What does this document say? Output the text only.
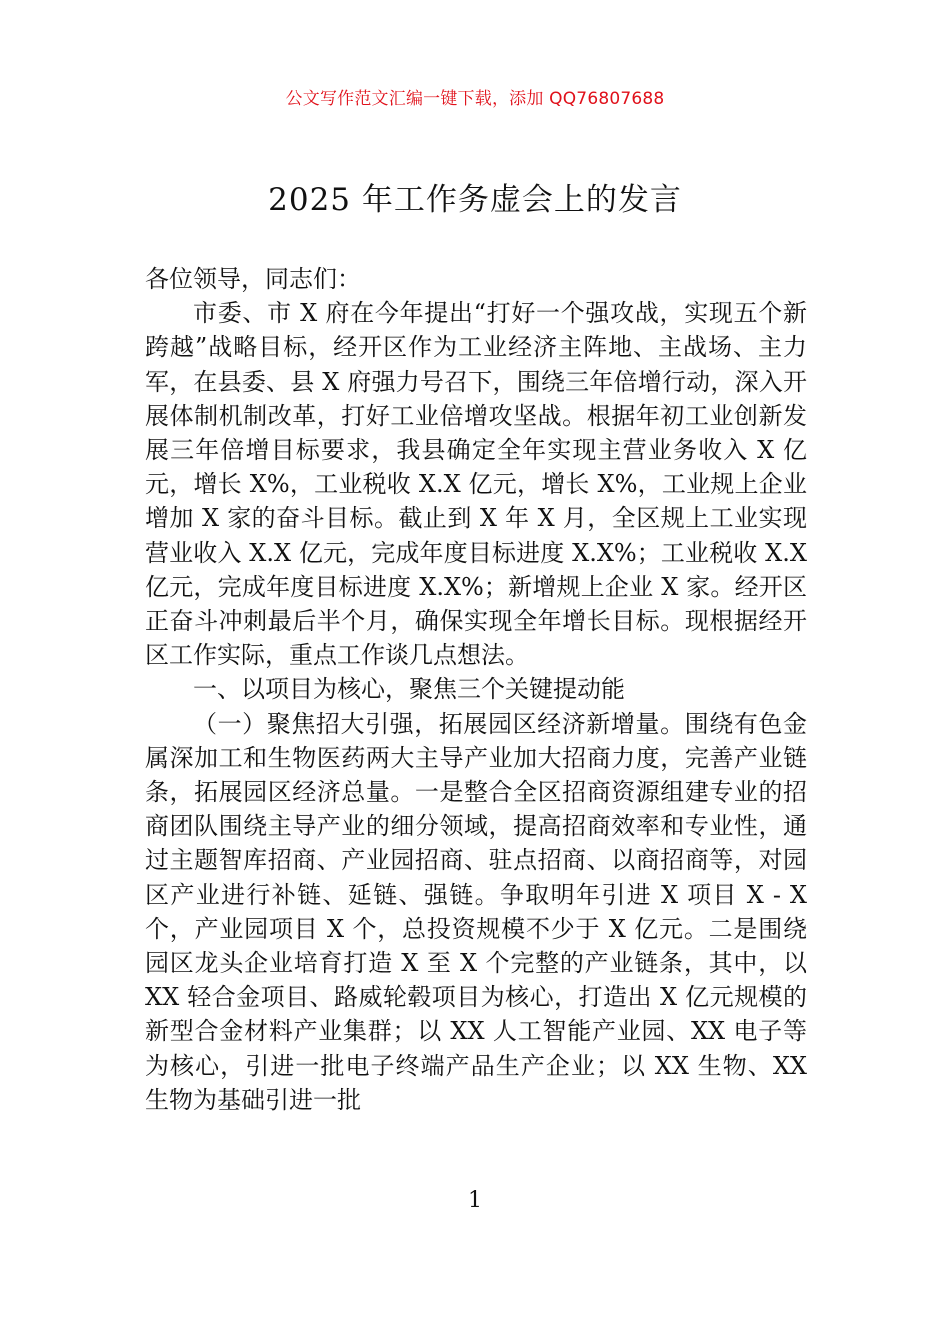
公文写作范文汇编一键下载，添加 QQ76807688
2025 年工作务虚会上的发言

各位领导，同志们：

市委、市 X 府在今年提出“打好一个强攻战，实现五个新跨越”战略目标，经开区作为工业经济主阵地、主战场、主力军，在县委、县 X 府强力号召下，围绕三年倍增行动，深入开展体制机制改革，打好工业倍增攻坚战。根据年初工业创新发展三年倍增目标要求，我县确定全年实现主营业务收入 X 亿元，增长 X%，工业税收 X.X 亿元，增长 X%，工业规上企业增加 X 家的奋斗目标。截止到 X 年 X 月，全区规上工业实现营业收入 X.X 亿元，完成年度目标进度 X.X%；工业税收 X.X 亿元，完成年度目标进度 X.X%；新增规上企业 X 家。经开区正奋斗冲刺最后半个月，确保实现全年增长目标。现根据经开区工作实际，重点工作谈几点想法。

一、以项目为核心，聚焦三个关键提动能

（一）聚焦招大引强，拓展园区经济新增量。围绕有色金属深加工和生物医药两大主导产业加大招商力度，完善产业链条，拓展园区经济总量。一是整合全区招商资源组建专业的招商团队围绕主导产业的细分领域，提高招商效率和专业性，通过主题智库招商、产业园招商、驻点招商、以商招商等，对园区产业进行补链、延链、强链。争取明年引进 X 项目 X - X 个，产业园项目 X 个，总投资规模不少于 X 亿元。二是围绕园区龙头企业培育打造 X 至 X 个完整的产业链条，其中，以 XX 轻合金项目、路威轮毂项目为核心，打造出 X 亿元规模的新型合金材料产业集群；以 XX 人工智能产业园、XX 电子等为核心，引进一批电子终端产品生产企业；以 XX 生物、XX 生物为基础引进一批

1
